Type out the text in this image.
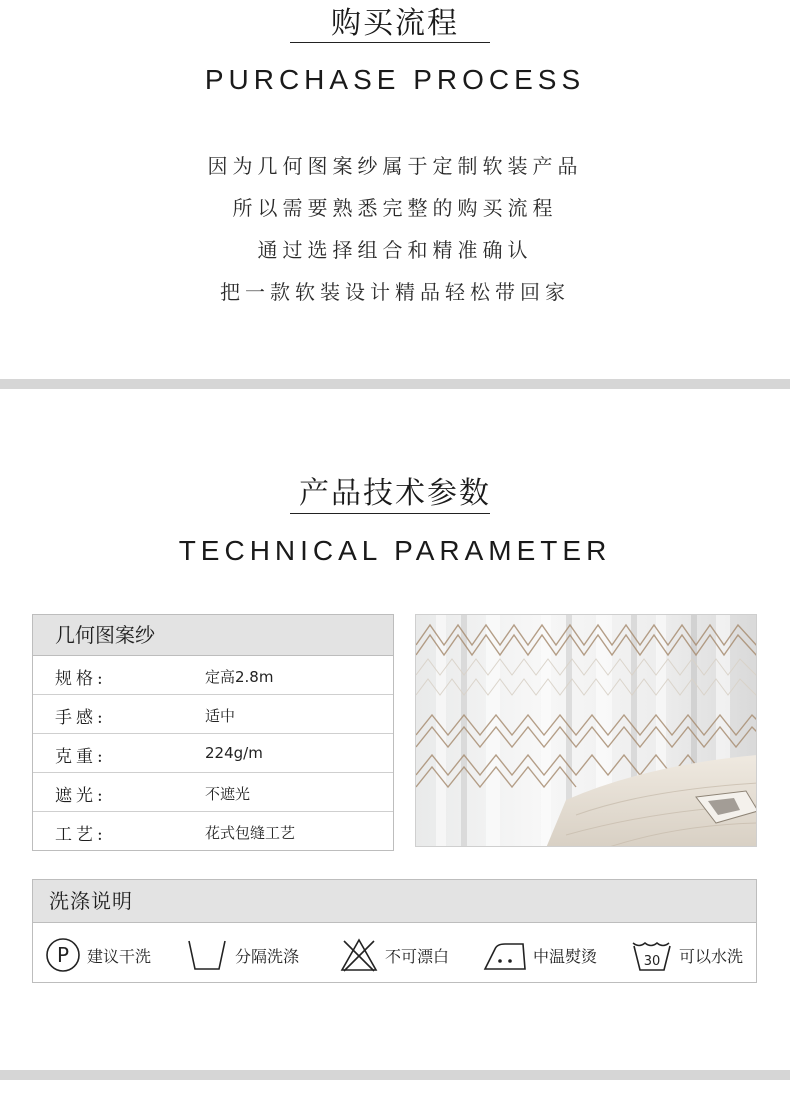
购买流程
PURCHASE PROCESS
因为几何图案纱属于定制软装产品
所以需要熟悉完整的购买流程
通过选择组合和精准确认
把一款软装设计精品轻松带回家
产品技术参数
TECHNICAL PARAMETER
几何图案纱
规格:	定高2.8m
手感:	适中
克重:	224g/m
遮光:	不遮光
工艺:	花式包缝工艺
洗涤说明
P 建议干洗	分隔洗涤	不可漂白	中温熨烫	30 可以水洗
